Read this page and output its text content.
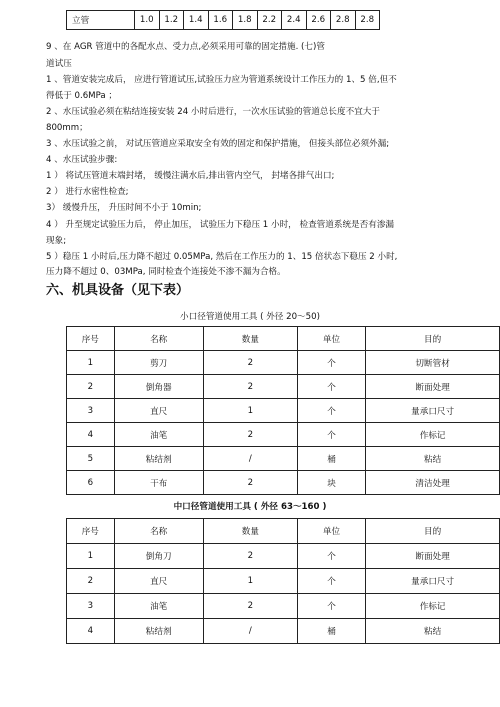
立管	1.0	1.2	1.4	1.6	1.8	2.2	2.4	2.6	2.8	2.8
9 、在 AGR 管道中的各配水点、受力点,必须采用可靠的固定措施. (七)管
道试压
1 、管道安装完成后， 应进行管道试压,试验压力应为管道系统设计工作压力的 1、5 倍,但不
得低于 0.6MPa ；
2 、水压试验必须在粘结连接安装 24 小时后进行，一次水压试验的管道总长度不宜大于
800mm；
3 、水压试验之前， 对试压管道应采取安全有效的固定和保护措施， 但接头部位必须外漏;
4 、水压试验步骤:
1 ） 将试压管道末端封堵， 缓慢注满水后,排出管内空气， 封堵各排气出口;
2 ） 进行水密性检查;
3） 缓慢升压， 升压时间不小于 10min;
4 ） 升至规定试验压力后， 停止加压， 试验压力下稳压 1 小时， 检查管道系统是否有渗漏
现象;
5 ）稳压 1 小时后,压力降不超过 0.05MPa, 然后在工作压力的 1、15 倍状态下稳压 2 小时,
压力降不超过 0、03MPa, 同时检查个连接处不渗不漏为合格。
六、机具设备（见下表）
小口径管道使用工具 ( 外径 20～50)
序号	名称	数量	单位	目的
1	剪刀	2	个	切断管材
2	倒角器	2	个	断面处理
3	直尺	1	个	量承口尺寸
4	油笔	2	个	作标记
5	粘结剂	/	桶	粘结
6	干布	2	块	清洁处理
中口径管道使用工具 ( 外径 63～160 )
序号	名称	数量	单位	目的
1	倒角刀	2	个	断面处理
2	直尺	1	个	量承口尺寸
3	油笔	2	个	作标记
4	粘结剂	/	桶	粘结
